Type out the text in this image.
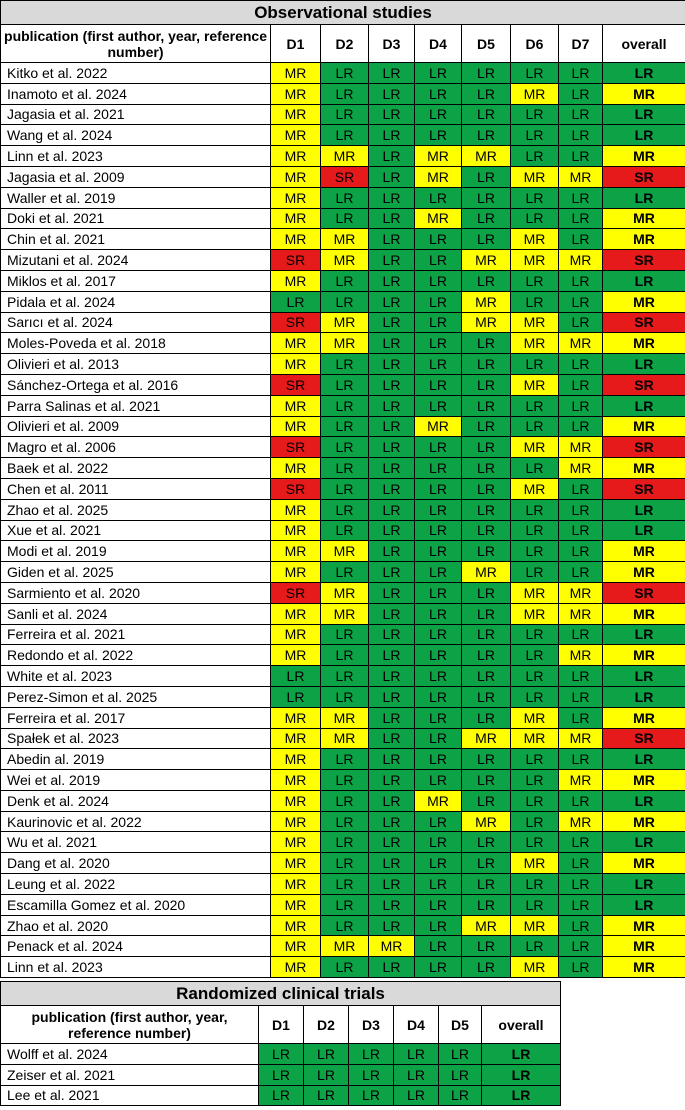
Observational studies								
publication (first author, year, reference number)	D1	D2	D3	D4	D5	D6	D7	overall
Kitko et al. 2022	MR	LR	LR	LR	LR	LR	LR	LR
Inamoto et al. 2024	MR	LR	LR	LR	LR	MR	LR	MR
Jagasia et al. 2021	MR	LR	LR	LR	LR	LR	LR	LR
Wang et al. 2024	MR	LR	LR	LR	LR	LR	LR	LR
Linn et al. 2023	MR	MR	LR	MR	MR	LR	LR	MR
Jagasia et al. 2009	MR	SR	LR	MR	LR	MR	MR	SR
Waller et al. 2019	MR	LR	LR	LR	LR	LR	LR	LR
Doki et al. 2021	MR	LR	LR	MR	LR	LR	LR	MR
Chin et al. 2021	MR	MR	LR	LR	LR	MR	LR	MR
Mizutani et al. 2024	SR	MR	LR	LR	MR	MR	MR	SR
Miklos et al. 2017	MR	LR	LR	LR	LR	LR	LR	LR
Pidala et al. 2024	LR	LR	LR	LR	MR	LR	LR	MR
Sarıcı et al. 2024	SR	MR	LR	LR	MR	MR	LR	SR
Moles-Poveda et al. 2018	MR	MR	LR	LR	LR	MR	MR	MR
Olivieri et al. 2013	MR	LR	LR	LR	LR	LR	LR	LR
Sánchez-Ortega et al. 2016	SR	LR	LR	LR	LR	MR	LR	SR
Parra Salinas et al. 2021	MR	LR	LR	LR	LR	LR	LR	LR
Olivieri et al. 2009	MR	LR	LR	MR	LR	LR	LR	MR
Magro et al. 2006	SR	LR	LR	LR	LR	MR	MR	SR
Baek et al. 2022	MR	LR	LR	LR	LR	LR	MR	MR
Chen et al. 2011	SR	LR	LR	LR	LR	MR	LR	SR
Zhao et al. 2025	MR	LR	LR	LR	LR	LR	LR	LR
Xue et al. 2021	MR	LR	LR	LR	LR	LR	LR	LR
Modi et al. 2019	MR	MR	LR	LR	LR	LR	LR	MR
Giden et al. 2025	MR	LR	LR	LR	MR	LR	LR	MR
Sarmiento et al. 2020	SR	MR	LR	LR	LR	MR	MR	SR
Sanli et al. 2024	MR	MR	LR	LR	LR	MR	MR	MR
Ferreira et al. 2021	MR	LR	LR	LR	LR	LR	LR	LR
Redondo et al. 2022	MR	LR	LR	LR	LR	LR	MR	MR
White et al. 2023	LR	LR	LR	LR	LR	LR	LR	LR
Perez-Simon et al. 2025	LR	LR	LR	LR	LR	LR	LR	LR
Ferreira et al. 2017	MR	MR	LR	LR	LR	MR	LR	MR
Spałek et al. 2023	MR	MR	LR	LR	MR	MR	MR	SR
Abedin al. 2019	MR	LR	LR	LR	LR	LR	LR	LR
Wei et al. 2019	MR	LR	LR	LR	LR	LR	MR	MR
Denk et al. 2024	MR	LR	LR	MR	LR	LR	LR	LR
Kaurinovic et al. 2022	MR	LR	LR	LR	MR	LR	MR	MR
Wu et al. 2021	MR	LR	LR	LR	LR	LR	LR	LR
Dang et al. 2020	MR	LR	LR	LR	LR	MR	LR	MR
Leung et al. 2022	MR	LR	LR	LR	LR	LR	LR	LR
Escamilla Gomez et al. 2020	MR	LR	LR	LR	LR	LR	LR	LR
Zhao et al. 2020	MR	LR	LR	LR	MR	MR	LR	MR
Penack et al. 2024	MR	MR	MR	LR	LR	LR	LR	MR
Linn et al. 2023	MR	LR	LR	LR	LR	MR	LR	MR
Randomized clinical trials						
publication (first author, year, reference number)	D1	D2	D3	D4	D5	overall
Wolff et al. 2024	LR	LR	LR	LR	LR	LR
Zeiser et al. 2021	LR	LR	LR	LR	LR	LR
Lee et al. 2021	LR	LR	LR	LR	LR	LR
